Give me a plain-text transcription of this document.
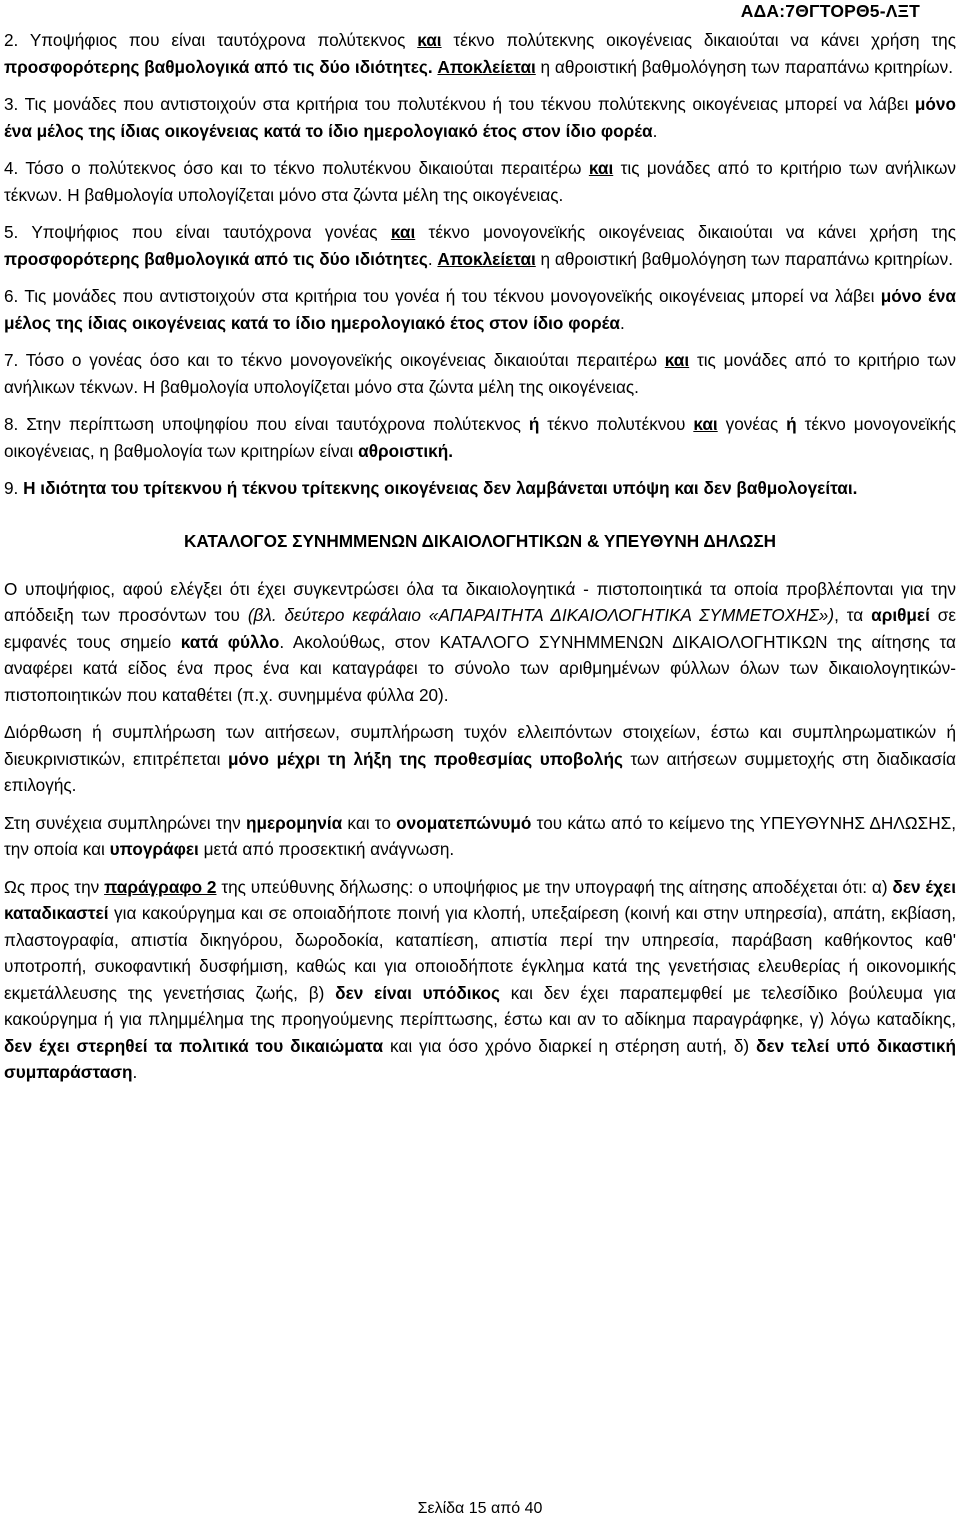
ΑΔΑ:7ΘΓΤΟΡΘ5-ΛΞΤ

2. Υποψήφιος που είναι ταυτόχρονα πολύτεκνος και τέκνο πολύτεκνης οικογένειας δικαιούται να κάνει χρήση της προσφορότερης βαθμολογικά από τις δύο ιδιότητες. Αποκλείεται η αθροιστική βαθμολόγηση των παραπάνω κριτηρίων.

3. Τις μονάδες που αντιστοιχούν στα κριτήρια του πολυτέκνου ή του τέκνου πολύτεκνης οικογένειας μπορεί να λάβει μόνο ένα μέλος της ίδιας οικογένειας κατά το ίδιο ημερολογιακό έτος στον ίδιο φορέα.

4. Τόσο ο πολύτεκνος όσο και το τέκνο πολυτέκνου δικαιούται περαιτέρω και τις μονάδες από το κριτήριο των ανήλικων τέκνων. Η βαθμολογία υπολογίζεται μόνο στα ζώντα μέλη της οικογένειας.

5. Υποψήφιος που είναι ταυτόχρονα γονέας και τέκνο μονογονεϊκής οικογένειας δικαιούται να κάνει χρήση της προσφορότερης βαθμολογικά από τις δύο ιδιότητες. Αποκλείεται η αθροιστική βαθμολόγηση των παραπάνω κριτηρίων.

6. Τις μονάδες που αντιστοιχούν στα κριτήρια του γονέα ή του τέκνου μονογονεϊκής οικογένειας μπορεί να λάβει μόνο ένα μέλος της ίδιας οικογένειας κατά το ίδιο ημερολογιακό έτος στον ίδιο φορέα.

7. Τόσο ο γονέας όσο και το τέκνο μονογονεϊκής οικογένειας δικαιούται περαιτέρω και τις μονάδες από το κριτήριο των ανήλικων τέκνων. Η βαθμολογία υπολογίζεται μόνο στα ζώντα μέλη της οικογένειας.

8. Στην περίπτωση υποψηφίου που είναι ταυτόχρονα πολύτεκνος ή τέκνο πολυτέκνου και γονέας ή τέκνο μονογονεϊκής οικογένειας, η βαθμολογία των κριτηρίων είναι αθροιστική.

9. Η ιδιότητα του τρίτεκνου ή τέκνου τρίτεκνης οικογένειας δεν λαμβάνεται υπόψη και δεν βαθμολογείται.

ΚΑΤΑΛΟΓΟΣ ΣΥΝΗΜΜΕΝΩΝ ΔΙΚΑΙΟΛΟΓΗΤΙΚΩΝ & ΥΠΕΥΘΥΝΗ ΔΗΛΩΣΗ

Ο υποψήφιος, αφού ελέγξει ότι έχει συγκεντρώσει όλα τα δικαιολογητικά - πιστοποιητικά τα οποία προβλέπονται για την απόδειξη των προσόντων του (βλ. δεύτερο κεφάλαιο «ΑΠΑΡΑΙΤΗΤΑ ΔΙΚΑΙΟΛΟΓΗΤΙΚΑ ΣΥΜΜΕΤΟΧΗΣ»), τα αριθμεί σε εμφανές τους σημείο κατά φύλλο. Ακολούθως, στον ΚΑΤΑΛΟΓΟ ΣΥΝΗΜΜΕΝΩΝ ΔΙΚΑΙΟΛΟΓΗΤΙΚΩΝ της αίτησης τα αναφέρει κατά είδος ένα προς ένα και καταγράφει το σύνολο των αριθμημένων φύλλων όλων των δικαιολογητικών-πιστοποιητικών που καταθέτει (π.χ. συνημμένα φύλλα 20).

Διόρθωση ή συμπλήρωση των αιτήσεων, συμπλήρωση τυχόν ελλειπόντων στοιχείων, έστω και συμπληρωματικών ή διευκρινιστικών, επιτρέπεται μόνο μέχρι τη λήξη της προθεσμίας υποβολής των αιτήσεων συμμετοχής στη διαδικασία επιλογής.

Στη συνέχεια συμπληρώνει την ημερομηνία και το ονοματεπώνυμό του κάτω από το κείμενο της ΥΠΕΥΘΥΝΗΣ ΔΗΛΩΣΗΣ, την οποία και υπογράφει μετά από προσεκτική ανάγνωση.

Ως προς την παράγραφο 2 της υπεύθυνης δήλωσης: ο υποψήφιος με την υπογραφή της αίτησης αποδέχεται ότι: α) δεν έχει καταδικαστεί για κακούργημα και σε οποιαδήποτε ποινή για κλοπή, υπεξαίρεση (κοινή και στην υπηρεσία), απάτη, εκβίαση, πλαστογραφία, απιστία δικηγόρου, δωροδοκία, καταπίεση, απιστία περί την υπηρεσία, παράβαση καθήκοντος καθ' υποτροπή, συκοφαντική δυσφήμιση, καθώς και για οποιοδήποτε έγκλημα κατά της γενετήσιας ελευθερίας ή οικονομικής εκμετάλλευσης της γενετήσιας ζωής, β) δεν είναι υπόδικος και δεν έχει παραπεμφθεί με τελεσίδικο βούλευμα για κακούργημα ή για πλημμέλημα της προηγούμενης περίπτωσης, έστω και αν το αδίκημα παραγράφηκε, γ) λόγω καταδίκης, δεν έχει στερηθεί τα πολιτικά του δικαιώματα και για όσο χρόνο διαρκεί η στέρηση αυτή, δ) δεν τελεί υπό δικαστική συμπαράσταση.

Σελίδα 15 από 40
